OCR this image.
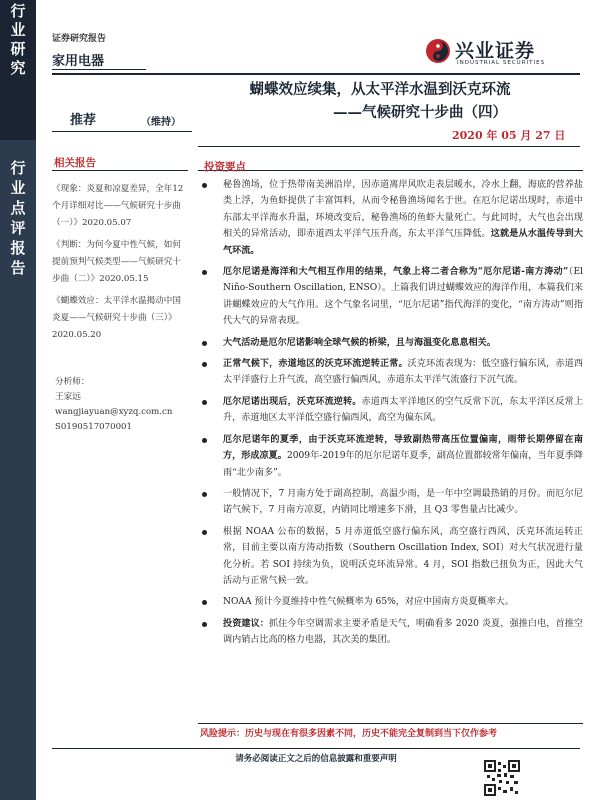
行业研究
行业点评报告
证券研究报告
家用电器	兴业证券
INDUSTRIAL SECURITIES
蝴蝶效应续集，从太平洋水温到沃克环流
——气候研究十步曲（四）
推荐	（维持）
2020 年 05 月 27 日
相关报告
《现象：炎夏和凉夏差异，全年12个月详细对比——气候研究十步曲（一）》2020.05.07
《判断：为何今夏中性气候，如何提前预判气候类型——气候研究十步曲（二）》2020.05.15
《蝴蝶效应：太平洋水温揭动中国炎夏——气候研究十步曲（三）》2020.05.20
分析师：
王家远
wangjiayuan@xyzq.com.cn
S0190517070001
投资要点
秘鲁渔场，位于热带南美洲沿岸，因赤道离岸风吹走表层暖水，冷水上翻，海底的营养盐类上浮，为鱼虾提供了丰富饵料，从而令秘鲁渔场闻名于世。在厄尔尼诺出现时，赤道中东部太平洋海水升温，环境改变后，秘鲁渔场的鱼虾大量死亡。与此同时，大气也会出现相关的异常活动，即赤道西太平洋气压升高，东太平洋气压降低。这就是从水温传导到大气环流。
厄尔尼诺是海洋和大气相互作用的结果，气象上将二者合称为“厄尔尼诺-南方涛动”（El Niño-Southern Oscillation, ENSO）。上篇我们讲过蝴蝶效应的海洋作用，本篇我们来讲蝴蝶效应的大气作用。这个气象名词里，“厄尔尼诺”指代海洋的变化，“南方涛动”则指代大气的异常表现。
大气活动是厄尔尼诺影响全球气候的桥梁，且与海温变化息息相关。
正常气候下，赤道地区的沃克环流逆转正常。沃克环流表现为：低空盛行偏东风，赤道西太平洋盛行上升气流，高空盛行偏西风，赤道东太平洋气流盛行下沉气流。
厄尔尼诺出现后，沃克环流逆转。赤道西太平洋地区的空气反常下沉，东太平洋区反常上升，赤道地区太平洋低空盛行偏西风，高空为偏东风。
厄尔尼诺年的夏季，由于沃克环流逆转，导致副热带高压位置偏南，雨带长期停留在南方，形成凉夏。2009年-2019年的厄尔尼诺年夏季，副高位置都较常年偏南，当年夏季降雨“北少南多”。
一般情况下，7 月南方处于副高控制，高温少雨，是一年中空调最热销的月份。而厄尔尼诺气候下，7 月南方凉夏，内销同比增速多下滑，且 Q3 零售量占比减少。
根据 NOAA 公布的数据，5 月赤道低空盛行偏东风，高空盛行西风，沃克环流运转正常，目前主要以南方涛动指数（Southern Oscillation Index, SOI）对大气状况进行量化分析。若 SOI 持续为负，说明沃克环流异常。4 月，SOI 指数已扭负为正，因此大气活动与正常气候一致。
NOAA 预计今夏维持中性气候概率为 65%，对应中国南方炎夏概率大。
投资建议：抓住今年空调需求主要矛盾是天气，明确看多 2020 炎夏，强推白电，首推空调内销占比高的格力电器，其次美的集团。
风险提示：历史与现在有很多因素不同，历史不能完全复制到当下仅作参考
请务必阅读正文之后的信息披露和重要声明
